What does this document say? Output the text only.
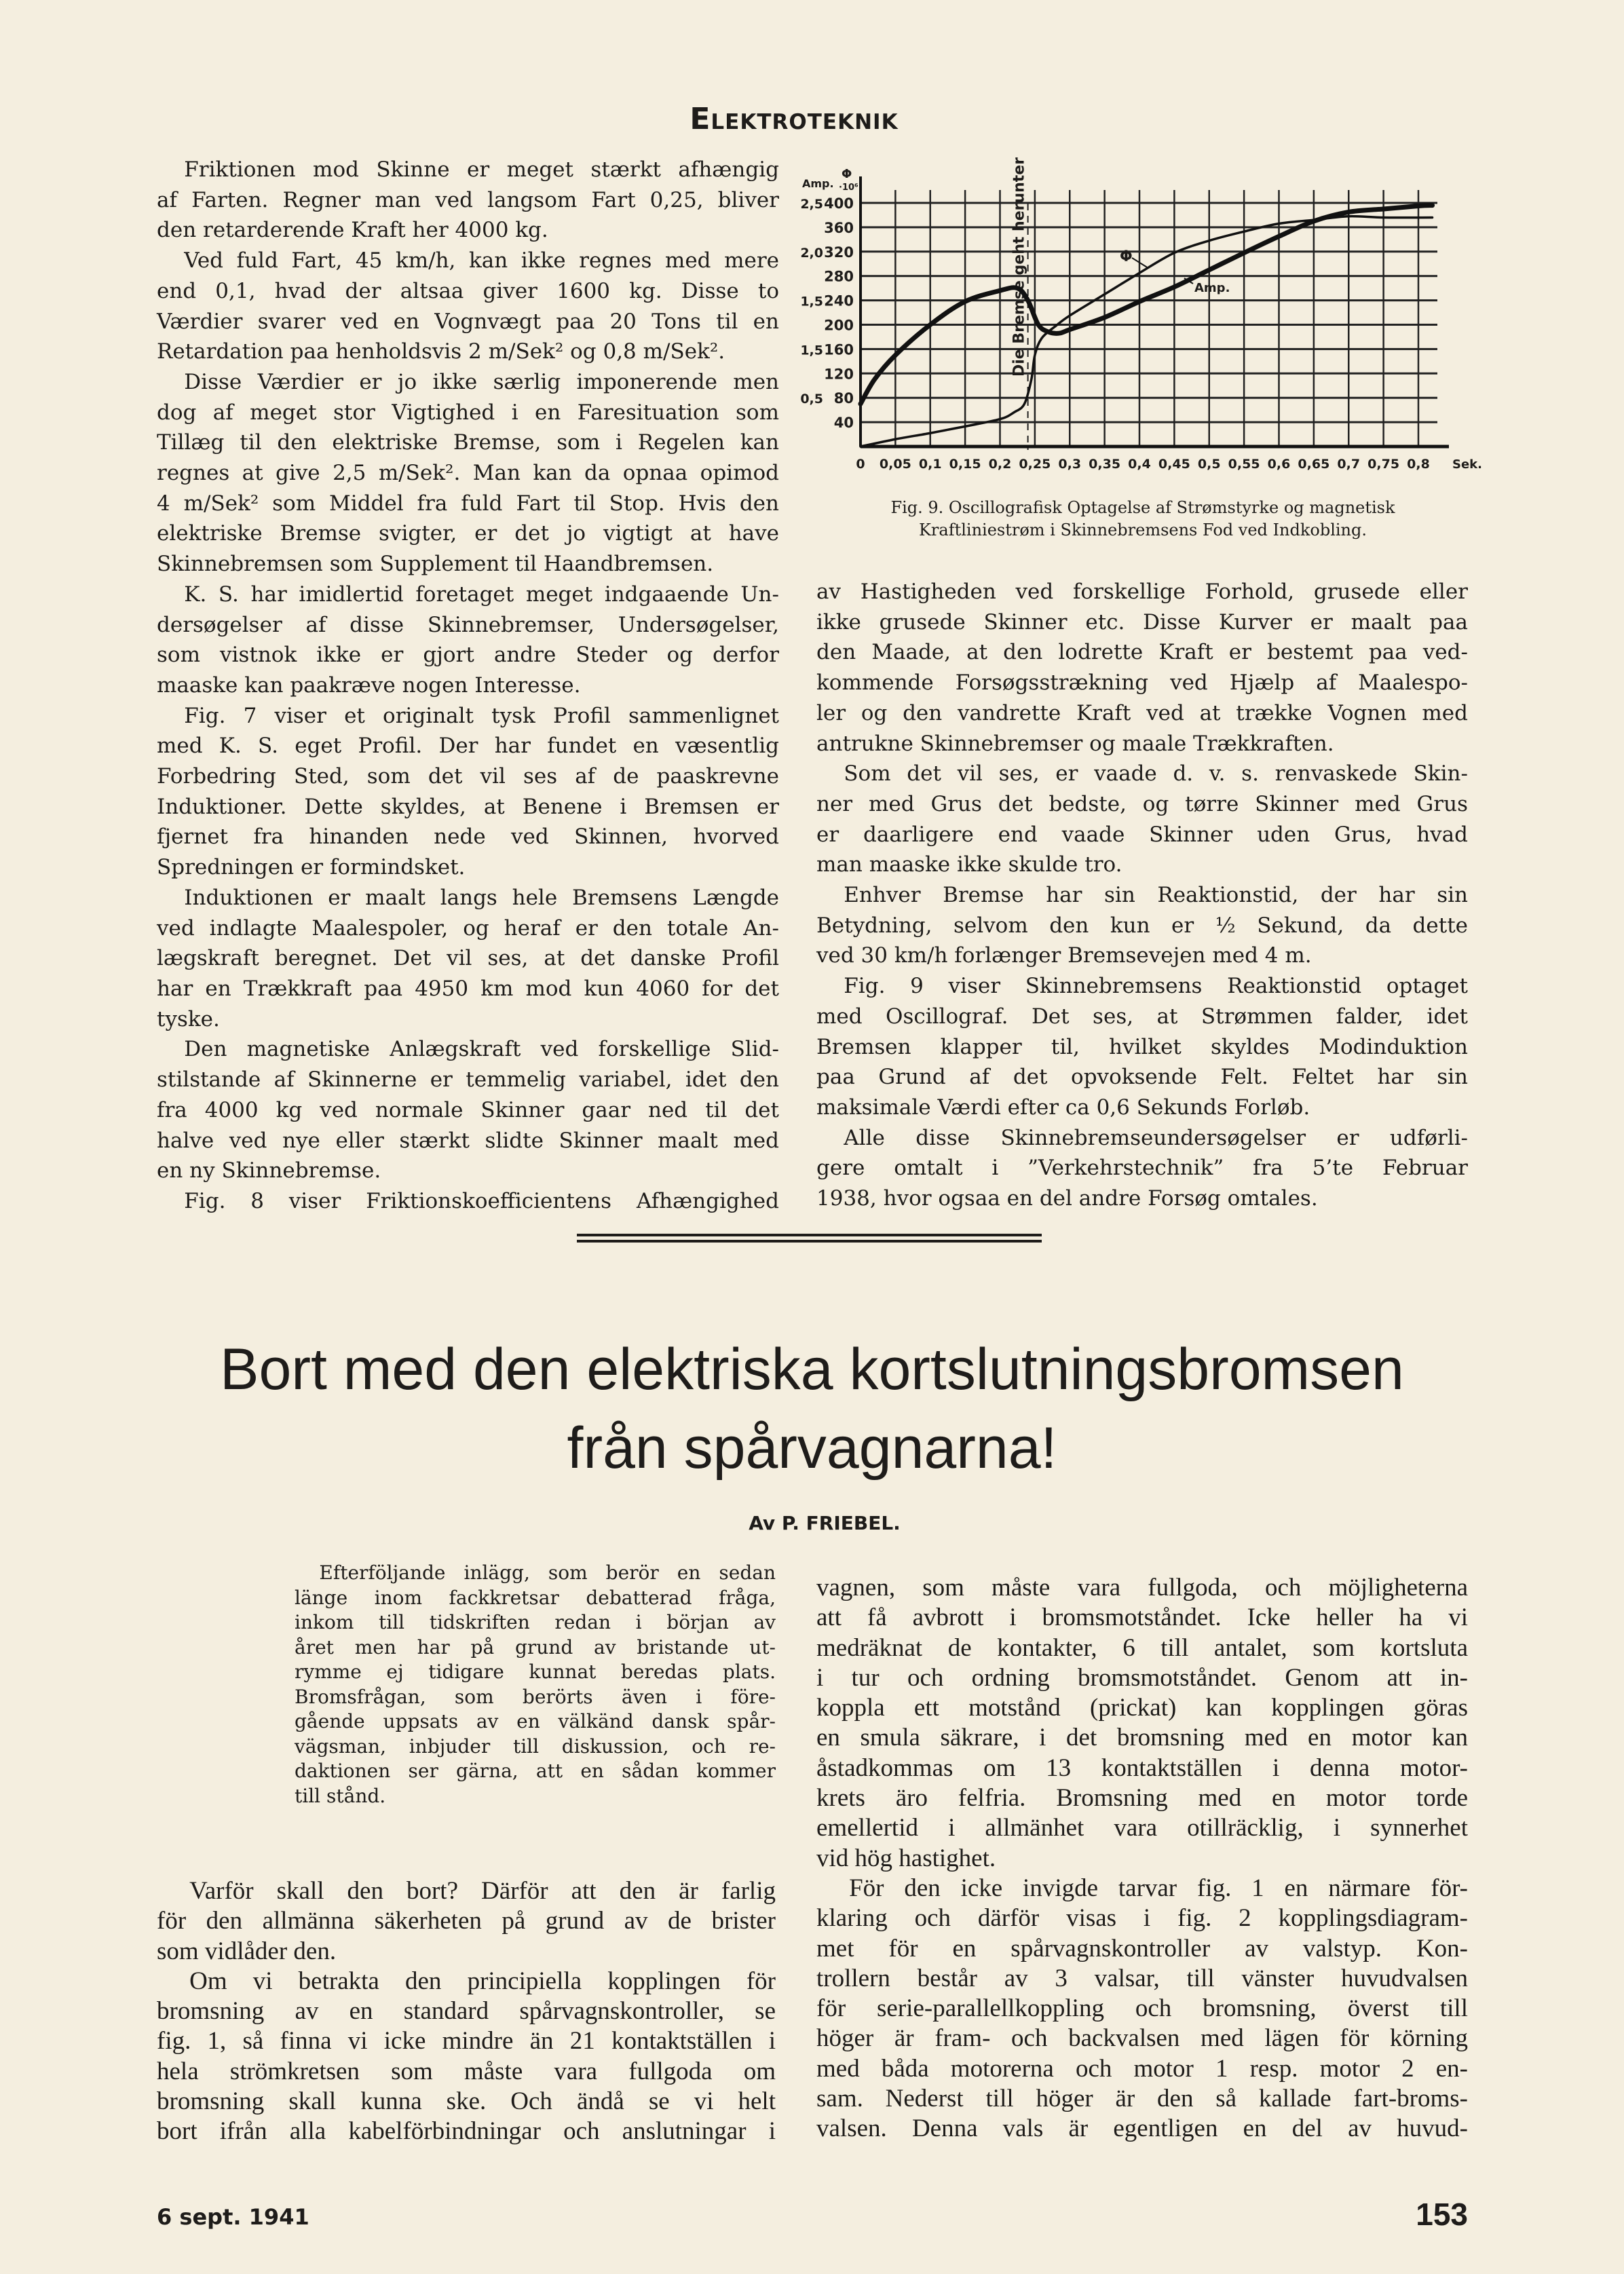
Elektroteknik
Friktionen mod Skinne er meget stærkt afhængig
af Farten. Regner man ved langsom Fart 0,25, bliver
den retarderende Kraft her 4000 kg.
Ved fuld Fart, 45 km/h, kan ikke regnes med mere
end 0,1, hvad der altsaa giver 1600 kg. Disse to
Værdier svarer ved en Vognvægt paa 20 Tons til en
Retardation paa henholdsvis 2 m/Sek² og 0,8 m/Sek².
Disse Værdier er jo ikke særlig imponerende men
dog af meget stor Vigtighed i en Faresituation som
Tillæg til den elektriske Bremse, som i Regelen kan
regnes at give 2,5 m/Sek². Man kan da opnaa opimod
4 m/Sek² som Middel fra fuld Fart til Stop. Hvis den
elektriske Bremse svigter, er det jo vigtigt at have
Skinnebremsen som Supplement til Haandbremsen.
K. S. har imidlertid foretaget meget indgaaende Un-
dersøgelser af disse Skinnebremser, Undersøgelser,
som vistnok ikke er gjort andre Steder og derfor
maaske kan paakræve nogen Interesse.
Fig. 7 viser et originalt tysk Profil sammenlignet
med K. S. eget Profil. Der har fundet en væsentlig
Forbedring Sted, som det vil ses af de paaskrevne
Induktioner. Dette skyldes, at Benene i Bremsen er
fjernet fra hinanden nede ved Skinnen, hvorved
Spredningen er formindsket.
Induktionen er maalt langs hele Bremsens Længde
ved indlagte Maalespoler, og heraf er den totale An-
lægskraft beregnet. Det vil ses, at det danske Profil
har en Trækkraft paa 4950 km mod kun 4060 for det
tyske.
Den magnetiske Anlægskraft ved forskellige Slid-
stilstande af Skinnerne er temmelig variabel, idet den
fra 4000 kg ved normale Skinner gaar ned til det
halve ved nye eller stærkt slidte Skinner maalt med
en ny Skinnebremse.
Fig. 8 viser Friktionskoefficientens Afhængighed
Die Bremse geht herunter
0 0,05 0,1 0,15 0,2 0,25 0,3 0,35 0,4 0,45 0,5 0,55 0,6 0,65 0,7 0,75 0,8 Sek.
40
80
120
160
200
240
280
320
360
400
0,5
1,5
1,5
2,0
2,5
Amp.
Φ
·10⁶
Φ
Amp.
Fig. 9. Oscillografisk Optagelse af Strømstyrke og magnetisk
Kraftliniestrøm i Skinnebremsens Fod ved Indkobling.
av Hastigheden ved forskellige Forhold, grusede eller
ikke grusede Skinner etc. Disse Kurver er maalt paa
den Maade, at den lodrette Kraft er bestemt paa ved-
kommende Forsøgsstrækning ved Hjælp af Maalespo-
ler og den vandrette Kraft ved at trække Vognen med
antrukne Skinnebremser og maale Trækkraften.
Som det vil ses, er vaade d. v. s. renvaskede Skin-
ner med Grus det bedste, og tørre Skinner med Grus
er daarligere end vaade Skinner uden Grus, hvad
man maaske ikke skulde tro.
Enhver Bremse har sin Reaktionstid, der har sin
Betydning, selvom den kun er ½ Sekund, da dette
ved 30 km/h forlænger Bremsevejen med 4 m.
Fig. 9 viser Skinnebremsens Reaktionstid optaget
med Oscillograf. Det ses, at Strømmen falder, idet
Bremsen klapper til, hvilket skyldes Modinduktion
paa Grund af det opvoksende Felt. Feltet har sin
maksimale Værdi efter ca 0,6 Sekunds Forløb.
Alle disse Skinnebremseundersøgelser er udførli-
gere omtalt i ”Verkehrstechnik” fra 5’te Februar
1938, hvor ogsaa en del andre Forsøg omtales.
Bort med den elektriska kortslutningsbromsen
från spårvagnarna!
Av P. FRIEBEL.
Efterföljande inlägg, som berör en sedan
länge inom fackkretsar debatterad fråga,
inkom till tidskriften redan i början av
året men har på grund av bristande ut-
rymme ej tidigare kunnat beredas plats.
Bromsfrågan, som berörts även i före-
gående uppsats av en välkänd dansk spår-
vägsman, inbjuder till diskussion, och re-
daktionen ser gärna, att en sådan kommer
till stånd.
Varför skall den bort? Därför att den är farlig
för den allmänna säkerheten på grund av de brister
som vidlåder den.
Om vi betrakta den principiella kopplingen för
bromsning av en standard spårvagnskontroller, se
fig. 1, så finna vi icke mindre än 21 kontaktställen i
hela strömkretsen som måste vara fullgoda om
bromsning skall kunna ske. Och ändå se vi helt
bort ifrån alla kabelförbindningar och anslutningar i
vagnen, som måste vara fullgoda, och möjligheterna
att få avbrott i bromsmotståndet. Icke heller ha vi
medräknat de kontakter, 6 till antalet, som kortsluta
i tur och ordning bromsmotståndet. Genom att in-
koppla ett motstånd (prickat) kan kopplingen göras
en smula säkrare, i det bromsning med en motor kan
åstadkommas om 13 kontaktställen i denna motor-
krets äro felfria. Bromsning med en motor torde
emellertid i allmänhet vara otillräcklig, i synnerhet
vid hög hastighet.
För den icke invigde tarvar fig. 1 en närmare för-
klaring och därför visas i fig. 2 kopplingsdiagram-
met för en spårvagnskontroller av valstyp. Kon-
trollern består av 3 valsar, till vänster huvudvalsen
för serie-parallellkoppling och bromsning, överst till
höger är fram- och backvalsen med lägen för körning
med båda motorerna och motor 1 resp. motor 2 en-
sam. Nederst till höger är den så kallade fart-broms-
valsen. Denna vals är egentligen en del av huvud-
6 sept. 1941	153
